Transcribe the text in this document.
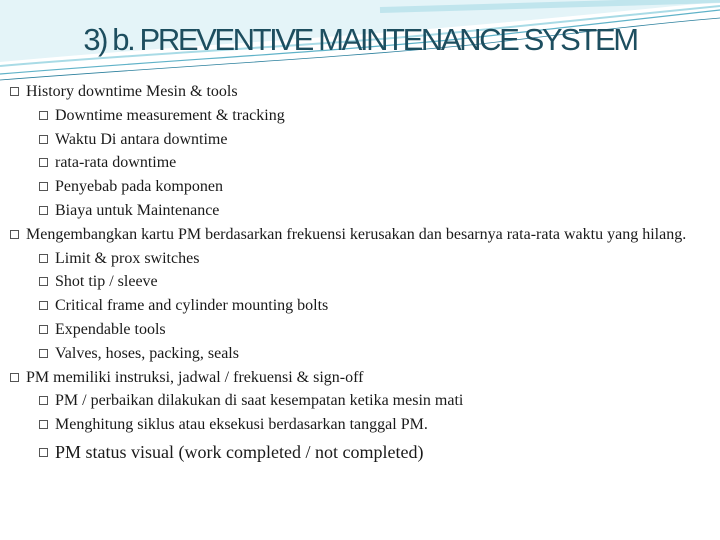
3) b. PREVENTIVE MAINTENANCE SYSTEM
History downtime Mesin & tools
Downtime measurement & tracking
Waktu Di antara downtime
rata-rata downtime
Penyebab pada komponen
Biaya untuk Maintenance
Mengembangkan kartu PM berdasarkan frekuensi kerusakan dan besarnya rata-rata waktu yang hilang.
Limit & prox switches
Shot tip / sleeve
Critical frame and cylinder mounting bolts
Expendable tools
Valves, hoses, packing, seals
PM memiliki instruksi, jadwal / frekuensi & sign-off
PM / perbaikan dilakukan di saat kesempatan ketika mesin mati
Menghitung siklus atau eksekusi berdasarkan tanggal PM.
PM status visual (work completed / not completed)
